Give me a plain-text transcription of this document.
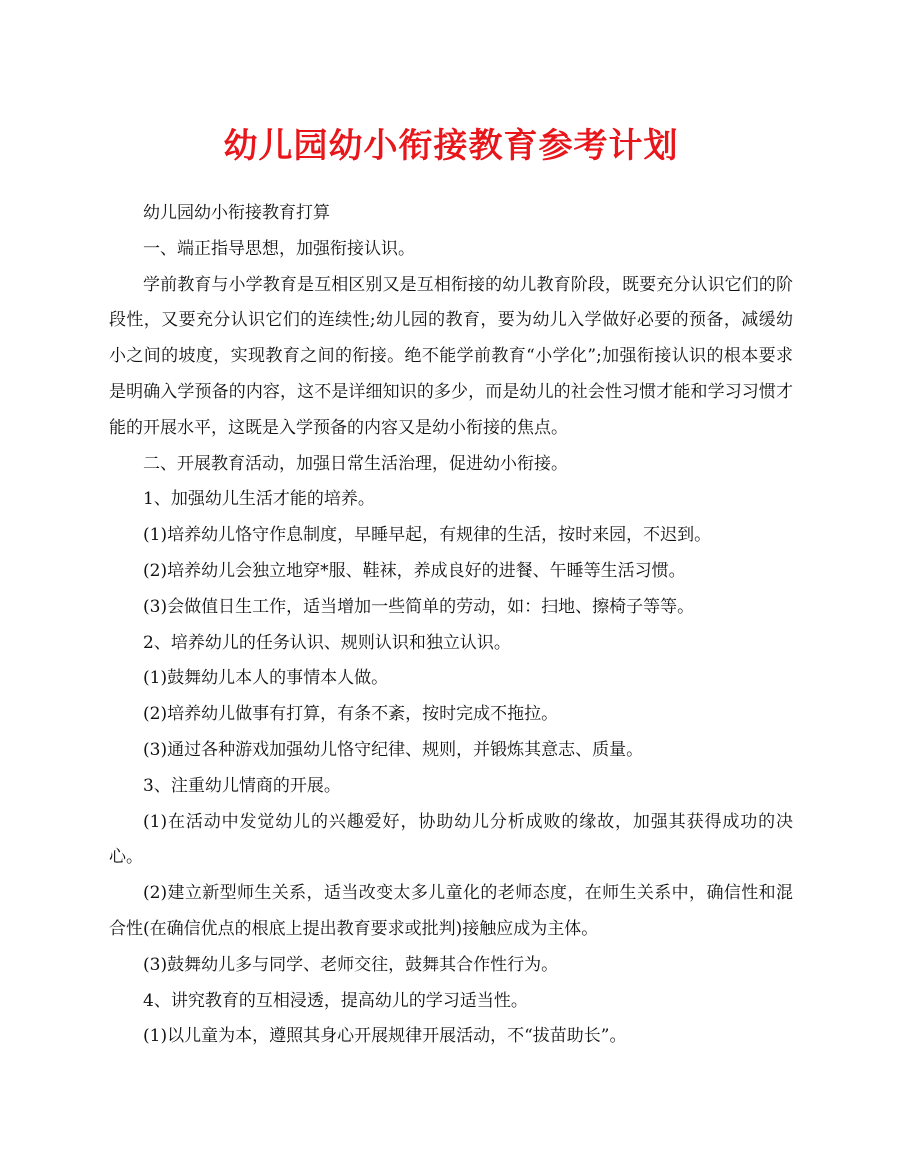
幼儿园幼小衔接教育参考计划

幼儿园幼小衔接教育打算

一、端正指导思想，加强衔接认识。

学前教育与小学教育是互相区别又是互相衔接的幼儿教育阶段，既要充分认识它们的阶段性，又要充分认识它们的连续性;幼儿园的教育，要为幼儿入学做好必要的预备，减缓幼小之间的坡度，实现教育之间的衔接。绝不能学前教育“小学化”;加强衔接认识的根本要求是明确入学预备的内容，这不是详细知识的多少，而是幼儿的社会性习惯才能和学习习惯才能的开展水平，这既是入学预备的内容又是幼小衔接的焦点。

二、开展教育活动，加强日常生活治理，促进幼小衔接。

1、加强幼儿生活才能的培养。

(1)培养幼儿恪守作息制度，早睡早起，有规律的生活，按时来园，不迟到。

(2)培养幼儿会独立地穿*服、鞋袜，养成良好的进餐、午睡等生活习惯。

(3)会做值日生工作，适当增加一些简单的劳动，如：扫地、擦椅子等等。

2、培养幼儿的任务认识、规则认识和独立认识。

(1)鼓舞幼儿本人的事情本人做。

(2)培养幼儿做事有打算，有条不紊，按时完成不拖拉。

(3)通过各种游戏加强幼儿恪守纪律、规则，并锻炼其意志、质量。

3、注重幼儿情商的开展。

(1)在活动中发觉幼儿的兴趣爱好，协助幼儿分析成败的缘故，加强其获得成功的决心。

(2)建立新型师生关系，适当改变太多儿童化的老师态度，在师生关系中，确信性和混合性(在确信优点的根底上提出教育要求或批判)接触应成为主体。

(3)鼓舞幼儿多与同学、老师交往，鼓舞其合作性行为。

4、讲究教育的互相浸透，提高幼儿的学习适当性。

(1)以儿童为本，遵照其身心开展规律开展活动，不“拔苗助长”。
